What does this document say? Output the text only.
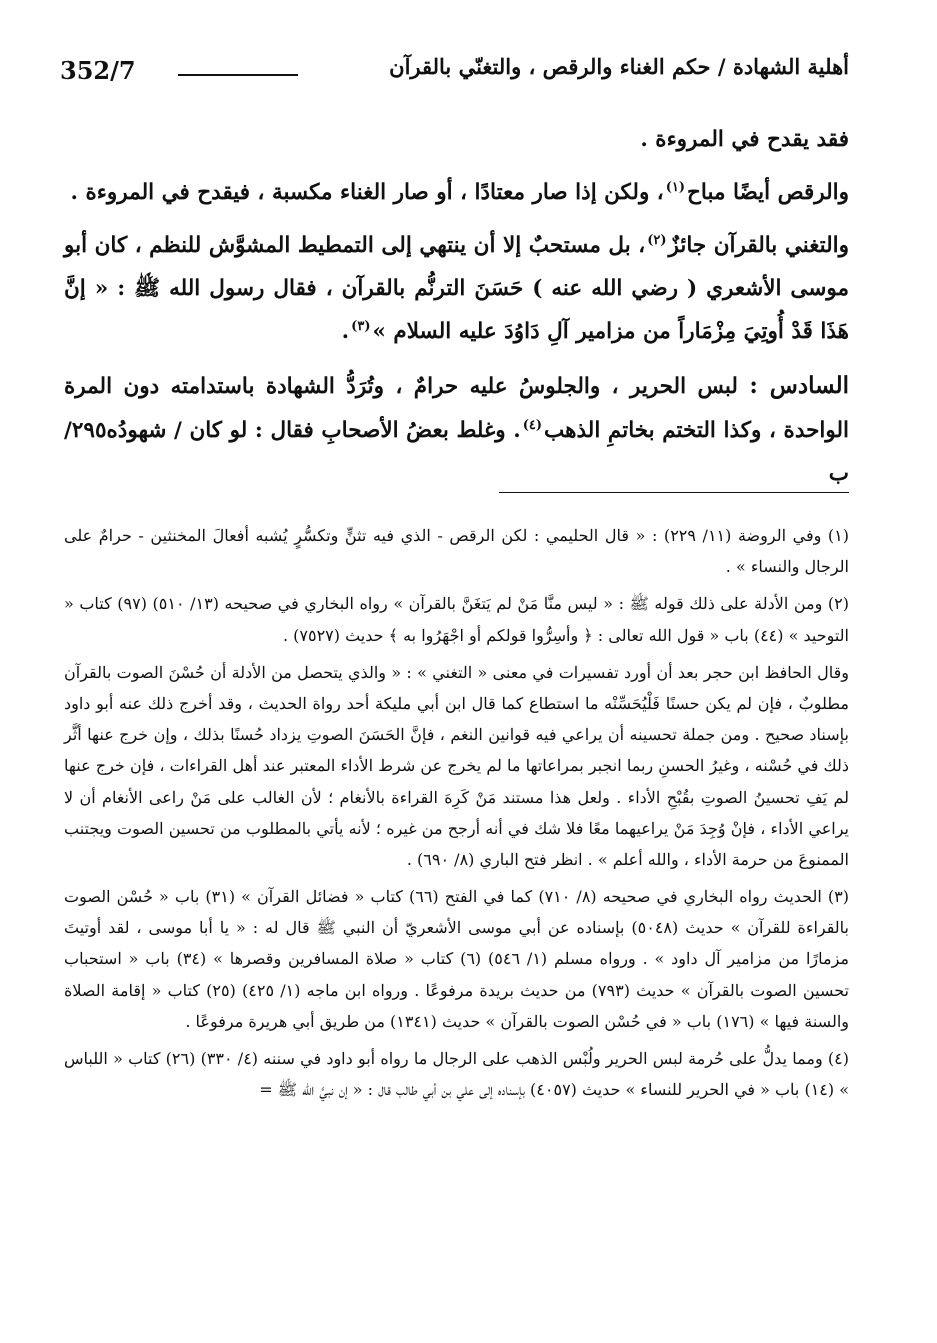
352/7	أهلية الشهادة / حكم الغناء والرقص ، والتغنّي بالقرآن

فقد يقدح في المروءة .

والرقص أيضًا مباح$^{(١)}$، ولكن إذا صار معتادًا ، أو صار الغناء مكسبة ، فيقدح في المروءة .

والتغني بالقرآن جائزٌ$^{(٢)}$، بل مستحبٌ إلا أن ينتهي إلى التمطيط المشوَّش للنظم ، كان أبو موسى الأشعري ( رضي الله عنه ) حَسَنَ الترنُّم بالقرآن ، فقال رسول الله ﷺ : « إنَّ هَذَا قَدْ أُوتِيَ مِزْمَاراً من مزامير آلِ دَاوُدَ عليه السلام »$^{(٣)}$.

السادس : لبس الحرير ، والجلوسُ عليه حرامٌ ، وتُرَدُّ الشهادة باستدامته دون المرة الواحدة ، وكذا التختم بخاتمِ الذهب$^{(٤)}$. وغلط بعضُ الأصحابِ فقال : لو كان / شهودُه٢٩٥/ب

(١) وفي الروضة (١١/ ٢٢٩) : « قال الحليمي : لكن الرقص - الذي فيه تثنٍّ وتكسُّرٍ يُشبه أفعالَ المخنثين - حرامٌ على الرجال والنساء » .

(٢) ومن الأدلة على ذلك قوله ﷺ : « ليس منَّا مَنْ لم يَتغَنَّ بالقرآن » رواه البخاري في صحيحه (١٣/ ٥١٠) (٩٧) كتاب « التوحيد » (٤٤) باب « قول الله تعالى : ﴿ وأسِرُّوا قولكم أو اجْهَرُوا به ﴾ حديث (٧٥٢٧) .

وقال الحافظ ابن حجر بعد أن أورد تفسيرات في معنى « التغني » : « والذي يتحصل من الأدلة أن حُسْنَ الصوت بالقرآن مطلوبٌ ، فإن لم يكن حسنًا فَلْيُحَسِّنْه ما استطاع كما قال ابن أبي مليكة أحد رواة الحديث ، وقد أخرج ذلك عنه أبو داود بإسناد صحيح . ومن جملة تحسينه أن يراعي فيه قوانين النغم ، فإنَّ الحَسَنَ الصوتِ يزداد حُسنًا بذلك ، وإن خرج عنها أثَّر ذلك في حُسْنه ، وغيرُ الحسنِ ربما انجبر بمراعاتها ما لم يخرج عن شرط الأداء المعتبر عند أهل القراءات ، فإن خرج عنها لم يَفِ تحسينُ الصوتِ بقُبْحِ الأداء . ولعل هذا مستند مَنْ كَرِهَ القراءة بالأنغام ؛ لأن الغالب على مَنْ راعى الأنغام أن لا يراعي الأداء ، فإنْ وُجِدَ مَنْ يراعيهما معًا فلا شك في أنه أرجح من غيره ؛ لأنه يأتي بالمطلوب من تحسين الصوت ويجتنب الممنوعَ من حرمة الأداء ، والله أعلم » . انظر فتح الباري (٨/ ٦٩٠) .

(٣) الحديث رواه البخاري في صحيحه (٨/ ٧١٠) كما في الفتح (٦٦) كتاب « فضائل القرآن » (٣١) باب « حُسْن الصوت بالقراءة للقرآن » حديث (٥٠٤٨) بإسناده عن أبي موسى الأشعريّ أن النبي ﷺ قال له : « يا أبا موسى ، لقد أوتيتَ مزمارًا من مزامير آل داود » . ورواه مسلم (١/ ٥٤٦) (٦) كتاب « صلاة المسافرين وقصرها » (٣٤) باب « استحباب تحسين الصوت بالقرآن » حديث (٧٩٣) من حديث بريدة مرفوعًا . ورواه ابن ماجه (١/ ٤٢٥) (٢٥) كتاب « إقامة الصلاة والسنة فيها » (١٧٦) باب « في حُسْن الصوت بالقرآن » حديث (١٣٤١) من طريق أبي هريرة مرفوعًا .

(٤) ومما يدلُّ على حُرمة لبس الحرير ولُبْس الذهب على الرجال ما رواه أبو داود في سننه (٤/ ٣٣٠) (٢٦) كتاب « اللباس » (١٤) باب « في الحرير للنساء » حديث (٤٠٥٧) بإسناده إلى علي بن أبي طالب قال : « إن نبيَّ الله ﷺ =
